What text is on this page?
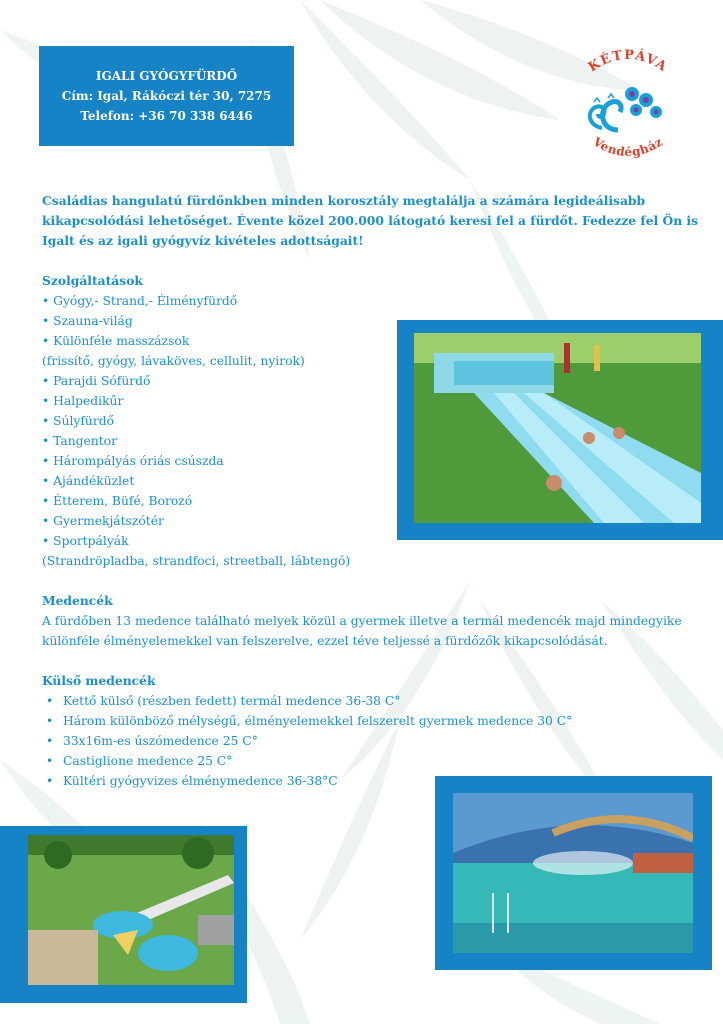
IGALI GYÓGYFÜRDŐ
Cím: Igal, Rákóczi tér 30, 7275
Telefon: +36 70 338 6446
KÉTPÁVA
Vendégház

Családias hangulatú fürdőnkben minden korosztály megtalálja a számára legideálisabb

kikapcsolódási lehetőséget. Évente közel 200.000 látogató keresi fel a fürdőt. Fedezze fel Ön is

Igalt és az igali gyógyvíz kivételes adottságait!

Szolgáltatások

• Gyógy,- Strand,- Élményfürdő

• Szauna-világ

• Különféle masszázsok

(frissítő, gyógy, lávaköves, cellulit, nyirok)

• Parajdi Sófürdő

• Halpedikűr

• Súlyfürdő

• Tangentor

• Hárompályás óriás csúszda

• Ajándéküzlet

• Étterem, Büfé, Borozó

• Gyermekjátszótér

• Sportpályák

(Strandröpladba, strandfoci, streetball, lábtengó)

Medencék

A fürdőben 13 medence található melyek közül a gyermek illetve a termál medencék majd mindegyike

különféle élményelemekkel van felszerelve, ezzel téve teljessé a fürdőzők kikapcsolódását.

Külső medencék

• Kettő külső (részben fedett) termál medence 36-38 C°

• Három különböző mélységű, élményelemekkel felszerelt gyermek medence 30 C°

• 33x16m-es úszómedence 25 C°

• Castiglione medence 25 C°

• Kültéri gyógyvizes élménymedence 36-38°C
